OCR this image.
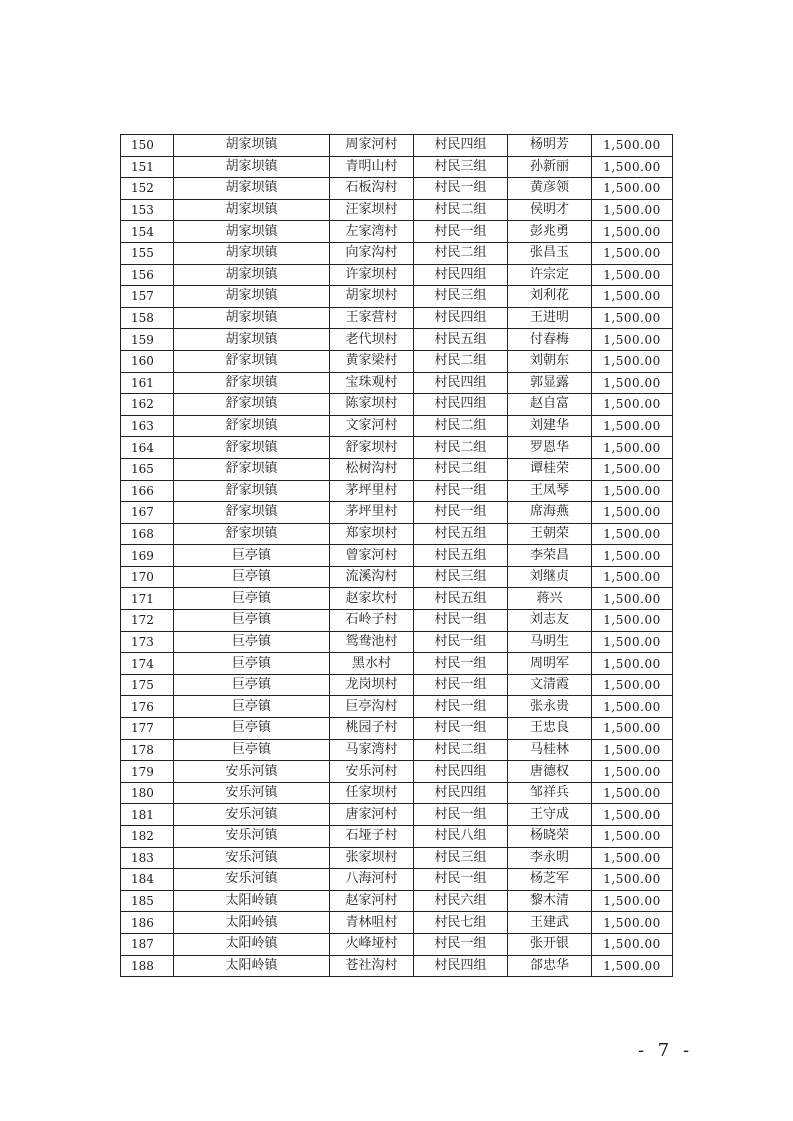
150	胡家坝镇	周家河村	村民四组	杨明芳	1,500.00
151	胡家坝镇	青明山村	村民三组	孙新丽	1,500.00
152	胡家坝镇	石板沟村	村民一组	黄彦领	1,500.00
153	胡家坝镇	汪家坝村	村民二组	侯明才	1,500.00
154	胡家坝镇	左家湾村	村民一组	彭兆勇	1,500.00
155	胡家坝镇	向家沟村	村民二组	张昌玉	1,500.00
156	胡家坝镇	许家坝村	村民四组	许宗定	1,500.00
157	胡家坝镇	胡家坝村	村民三组	刘利花	1,500.00
158	胡家坝镇	王家营村	村民四组	王进明	1,500.00
159	胡家坝镇	老代坝村	村民五组	付春梅	1,500.00
160	舒家坝镇	黄家梁村	村民二组	刘朝东	1,500.00
161	舒家坝镇	宝珠观村	村民四组	郭显露	1,500.00
162	舒家坝镇	陈家坝村	村民四组	赵自富	1,500.00
163	舒家坝镇	文家河村	村民二组	刘建华	1,500.00
164	舒家坝镇	舒家坝村	村民二组	罗恩华	1,500.00
165	舒家坝镇	松树沟村	村民二组	谭桂荣	1,500.00
166	舒家坝镇	茅坪里村	村民一组	王凤琴	1,500.00
167	舒家坝镇	茅坪里村	村民一组	席海燕	1,500.00
168	舒家坝镇	郑家坝村	村民五组	王朝荣	1,500.00
169	巨亭镇	曾家河村	村民五组	李荣昌	1,500.00
170	巨亭镇	流溪沟村	村民三组	刘继贞	1,500.00
171	巨亭镇	赵家坎村	村民五组	蒋兴	1,500.00
172	巨亭镇	石岭子村	村民一组	刘志友	1,500.00
173	巨亭镇	鸳鸯池村	村民一组	马明生	1,500.00
174	巨亭镇	黑水村	村民一组	周明军	1,500.00
175	巨亭镇	龙岗坝村	村民一组	文清霞	1,500.00
176	巨亭镇	巨亭沟村	村民一组	张永贵	1,500.00
177	巨亭镇	桃园子村	村民一组	王忠良	1,500.00
178	巨亭镇	马家湾村	村民二组	马桂林	1,500.00
179	安乐河镇	安乐河村	村民四组	唐德权	1,500.00
180	安乐河镇	任家坝村	村民四组	邹祥兵	1,500.00
181	安乐河镇	唐家河村	村民一组	王守成	1,500.00
182	安乐河镇	石垭子村	村民八组	杨晓荣	1,500.00
183	安乐河镇	张家坝村	村民三组	李永明	1,500.00
184	安乐河镇	八海河村	村民一组	杨芝军	1,500.00
185	太阳岭镇	赵家河村	村民六组	黎木清	1,500.00
186	太阳岭镇	青林咀村	村民七组	王建武	1,500.00
187	太阳岭镇	火峰垭村	村民一组	张开银	1,500.00
188	太阳岭镇	苍社沟村	村民四组	郃忠华	1,500.00
- 7 -
